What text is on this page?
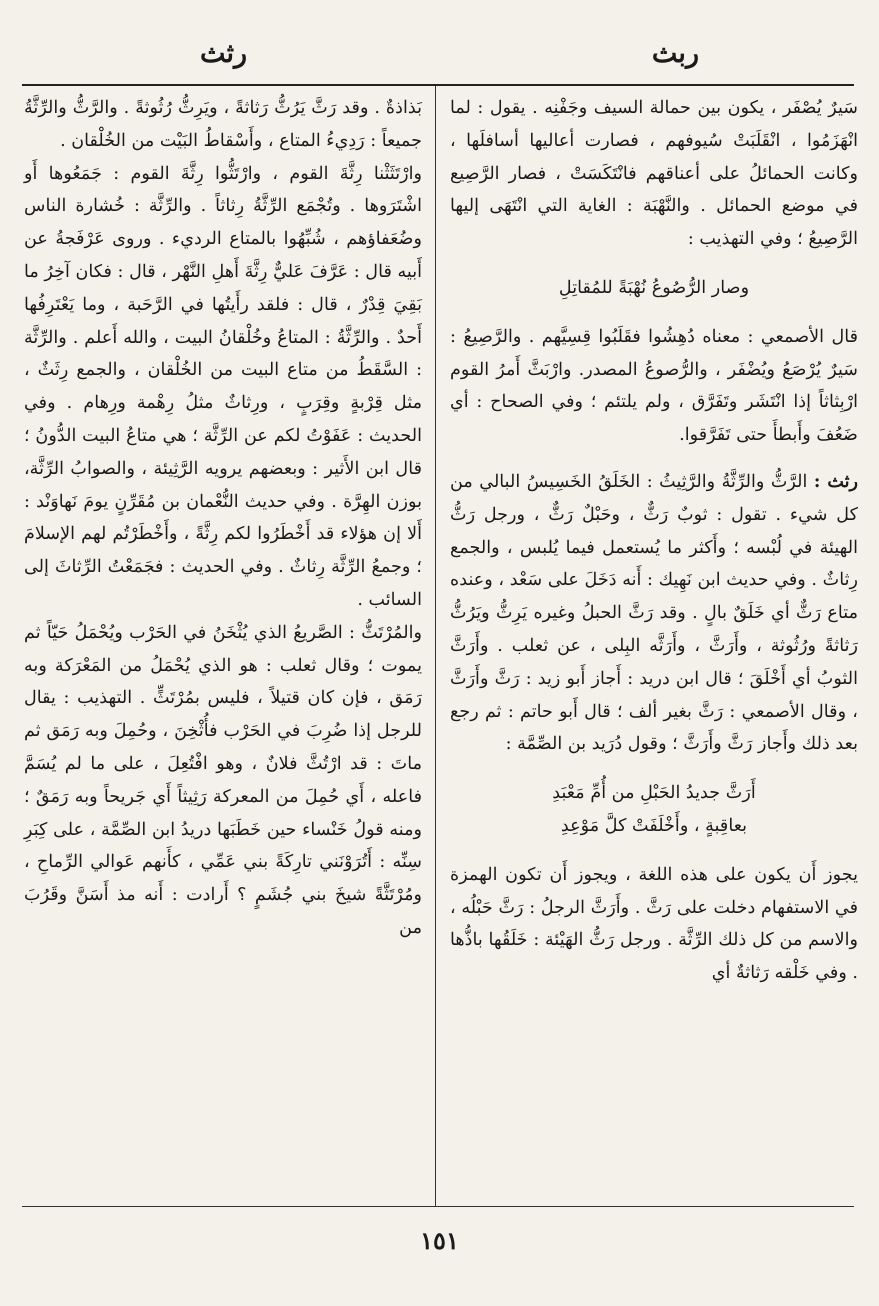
ربث
رثث

سَيرٌ يُصْفَر ، يكون بين حمالة السيف وجَفْنِه . يقول : لما انْهَزَمُوا ، انْقَلَبَتْ سُيوفهم ، فصارت أعاليها أسافلَها ، وكانت الحمائلُ على أعناقهم فانْتَكَسَتْ ، فصار الرَّصِيع في موضع الحمائل . والنَّهْبَة : الغاية التي انْتَهَى إليها الرَّصِيعُ ؛ وفي التهذيب :

وصار الرُّصُوعُ نُهْبَةً للمُقاتِلِ

قال الأصمعي : معناه دُهِشُوا فقَلَبُوا قِسِيَّهم . والرَّصِيعُ : سَيرٌ يُرْصَعُ ويُضْفَر ، والرُّصوعُ المصدر. وارْبَثَّ أَمرُ القوم ارْبِثاثاً إذا انْتَشَر وتَفَرَّق ، ولم يلتئم ؛ وفي الصحاح : أي ضَعُفَ وأَبطأَ حتى تَفَرَّقوا.

رثث : الرَّثُّ والرِّثَّةُ والرَّثِيثُ : الخَلَقُ الخَسِيسُ البالي من كل شيء . تقول : ثوبٌ رَثٌّ ، وحَبْلٌ رَثٌّ ، ورجل رَثُّ الهيئة في لُبْسه ؛ وأَكثر ما يُستعمل فيما يُلبس ، والجمع رِثاثٌ . وفي حديث ابن نَهِيك : أَنه دَخَلَ على سَعْد ، وعنده متاع رَثٌّ أي خَلَقٌ بالٍ . وقد رَثَّ الحبلُ وغيره يَرِثُّ ويَرُثُّ رَثاثةً ورُثُوثة ، وأَرَثَّ ، وأَرَثَّه البِلى ، عن ثعلب . وأَرَثَّ الثوبُ أي أَخْلَقَ ؛ قال ابن دريد : أَجاز أَبو زيد : رَثَّ وأَرَثَّ ، وقال الأصمعي : رَثَّ بغير ألف ؛ قال أَبو حاتم : ثم رجع بعد ذلك وأَجاز رَثَّ وأَرَثَّ ؛ وقول دُرَيد بن الصِّمَّة :

أَرَثَّ جديدُ الحَبْلِ من أُمِّ مَعْبَدِ
بعاقِبةٍ ، وأَخْلَفَتْ كلَّ مَوْعِدِ

يجوز أَن يكون على هذه اللغة ، ويجوز أَن تكون الهمزة في الاستفهام دخلت على رَثَّ . وأَرَثَّ الرجلُ : رَثَّ حَبْلُه ، والاسم من كل ذلك الرِّثَّة . ورجل رَثُّ الهَيْئة : خَلَقُها باذُّها . وفي خَلْقه رَثاثةٌ أي

بَذاذةٌ . وقد رَثَّ يَرُثُّ رَثاثةً ، ويَرِثُّ رُثُوثةً . والرَّثُّ والرِّثَّةُ جميعاً : رَدِيءُ المتاع ، وأَسْقاطُ البَيْت من الخُلْقان .

وارْتَثَثْنا رِثَّةَ القوم ، وارْتَثُّوا رِثَّةَ القوم : جَمَعُوها أَو اشْتَرَوها . وتُجْمَع الرِّثَّةُ رِثاثاً . والرِّثَّة : خُشارة الناس وضُعَفاؤهم ، شُبِّهُوا بالمتاع الرديء . وروى عَرْفَجةُ عن أَبيه قال : عَرَّفَ عَليٌّ رِثَّةَ أَهلِ النَّهْر ، قال : فكان آخِرُ ما بَقِيَ قِدْرٌ ، قال : فلقد رأَيتُها في الرَّحَبة ، وما يَعْتَرِفُها أَحدٌ . والرِّثَّةُ : المتاعُ وخُلْقانُ البيت ، والله أَعلم . والرِّثَّة : السَّقَطُ من متاع البيت من الخُلْقان ، والجمع رِثَثٌ ، مثل قِرْبةٍ وقِرَبٍ ، ورِثاثٌ مثلُ رِهْمة ورِهام . وفي الحديث : عَفَوْتُ لكم عن الرِّثَّة ؛ هي متاعُ البيت الدُّونُ ؛ قال ابن الأَثير : وبعضهم يرويه الرَّثِيئة ، والصوابُ الرِّثَّة، بوزن الهِرَّة . وفي حديث النُّعْمان بن مُقَرِّنٍ يومَ نَهاوَنْد : أَلا إن هؤلاء قد أَخْطَرُوا لكم رِثَّةً ، وأَخْطَرْتُم لهم الإسلامَ ؛ وجمعُ الرِّثَّة رِثاثٌ . وفي الحديث : فجَمَعْتُ الرِّثاثَ إلى السائب .

والمُرْتَثُّ : الصَّريعُ الذي يُثْخَنُ في الحَرْب ويُحْمَلُ حَيّاً ثم يموت ؛ وقال ثعلب : هو الذي يُحْمَلُ من المَعْرَكة وبه رَمَق ، فإن كان قتيلاً ، فليس بمُرْتَثٍّ . التهذيب : يقال للرجل إذا ضُرِبَ في الحَرْب فأُثْخِنَ ، وحُمِلَ وبه رَمَق ثم ماتَ : قد ارْتُثَّ فلانٌ ، وهو افْتُعِلَ ، على ما لم يُسَمَّ فاعله ، أَي حُمِلَ من المعركة رَثِيثاً أَي جَريحاً وبه رَمَقٌ ؛ ومنه قولُ خَنْساء حين خَطَبَها دريدُ ابن الصِّمَّة ، على كِبَرِ سِنِّه : أَتُرَوْنَني تارِكَةً بني عَمِّي ، كأَنهم عَوالي الرِّماحِ ، ومُرْتَثَّةً شيخَ بني جُشَمٍ ؟ أَرادت : أَنه مذ أَسَنَّ وقَرُبَ من

١٥١
